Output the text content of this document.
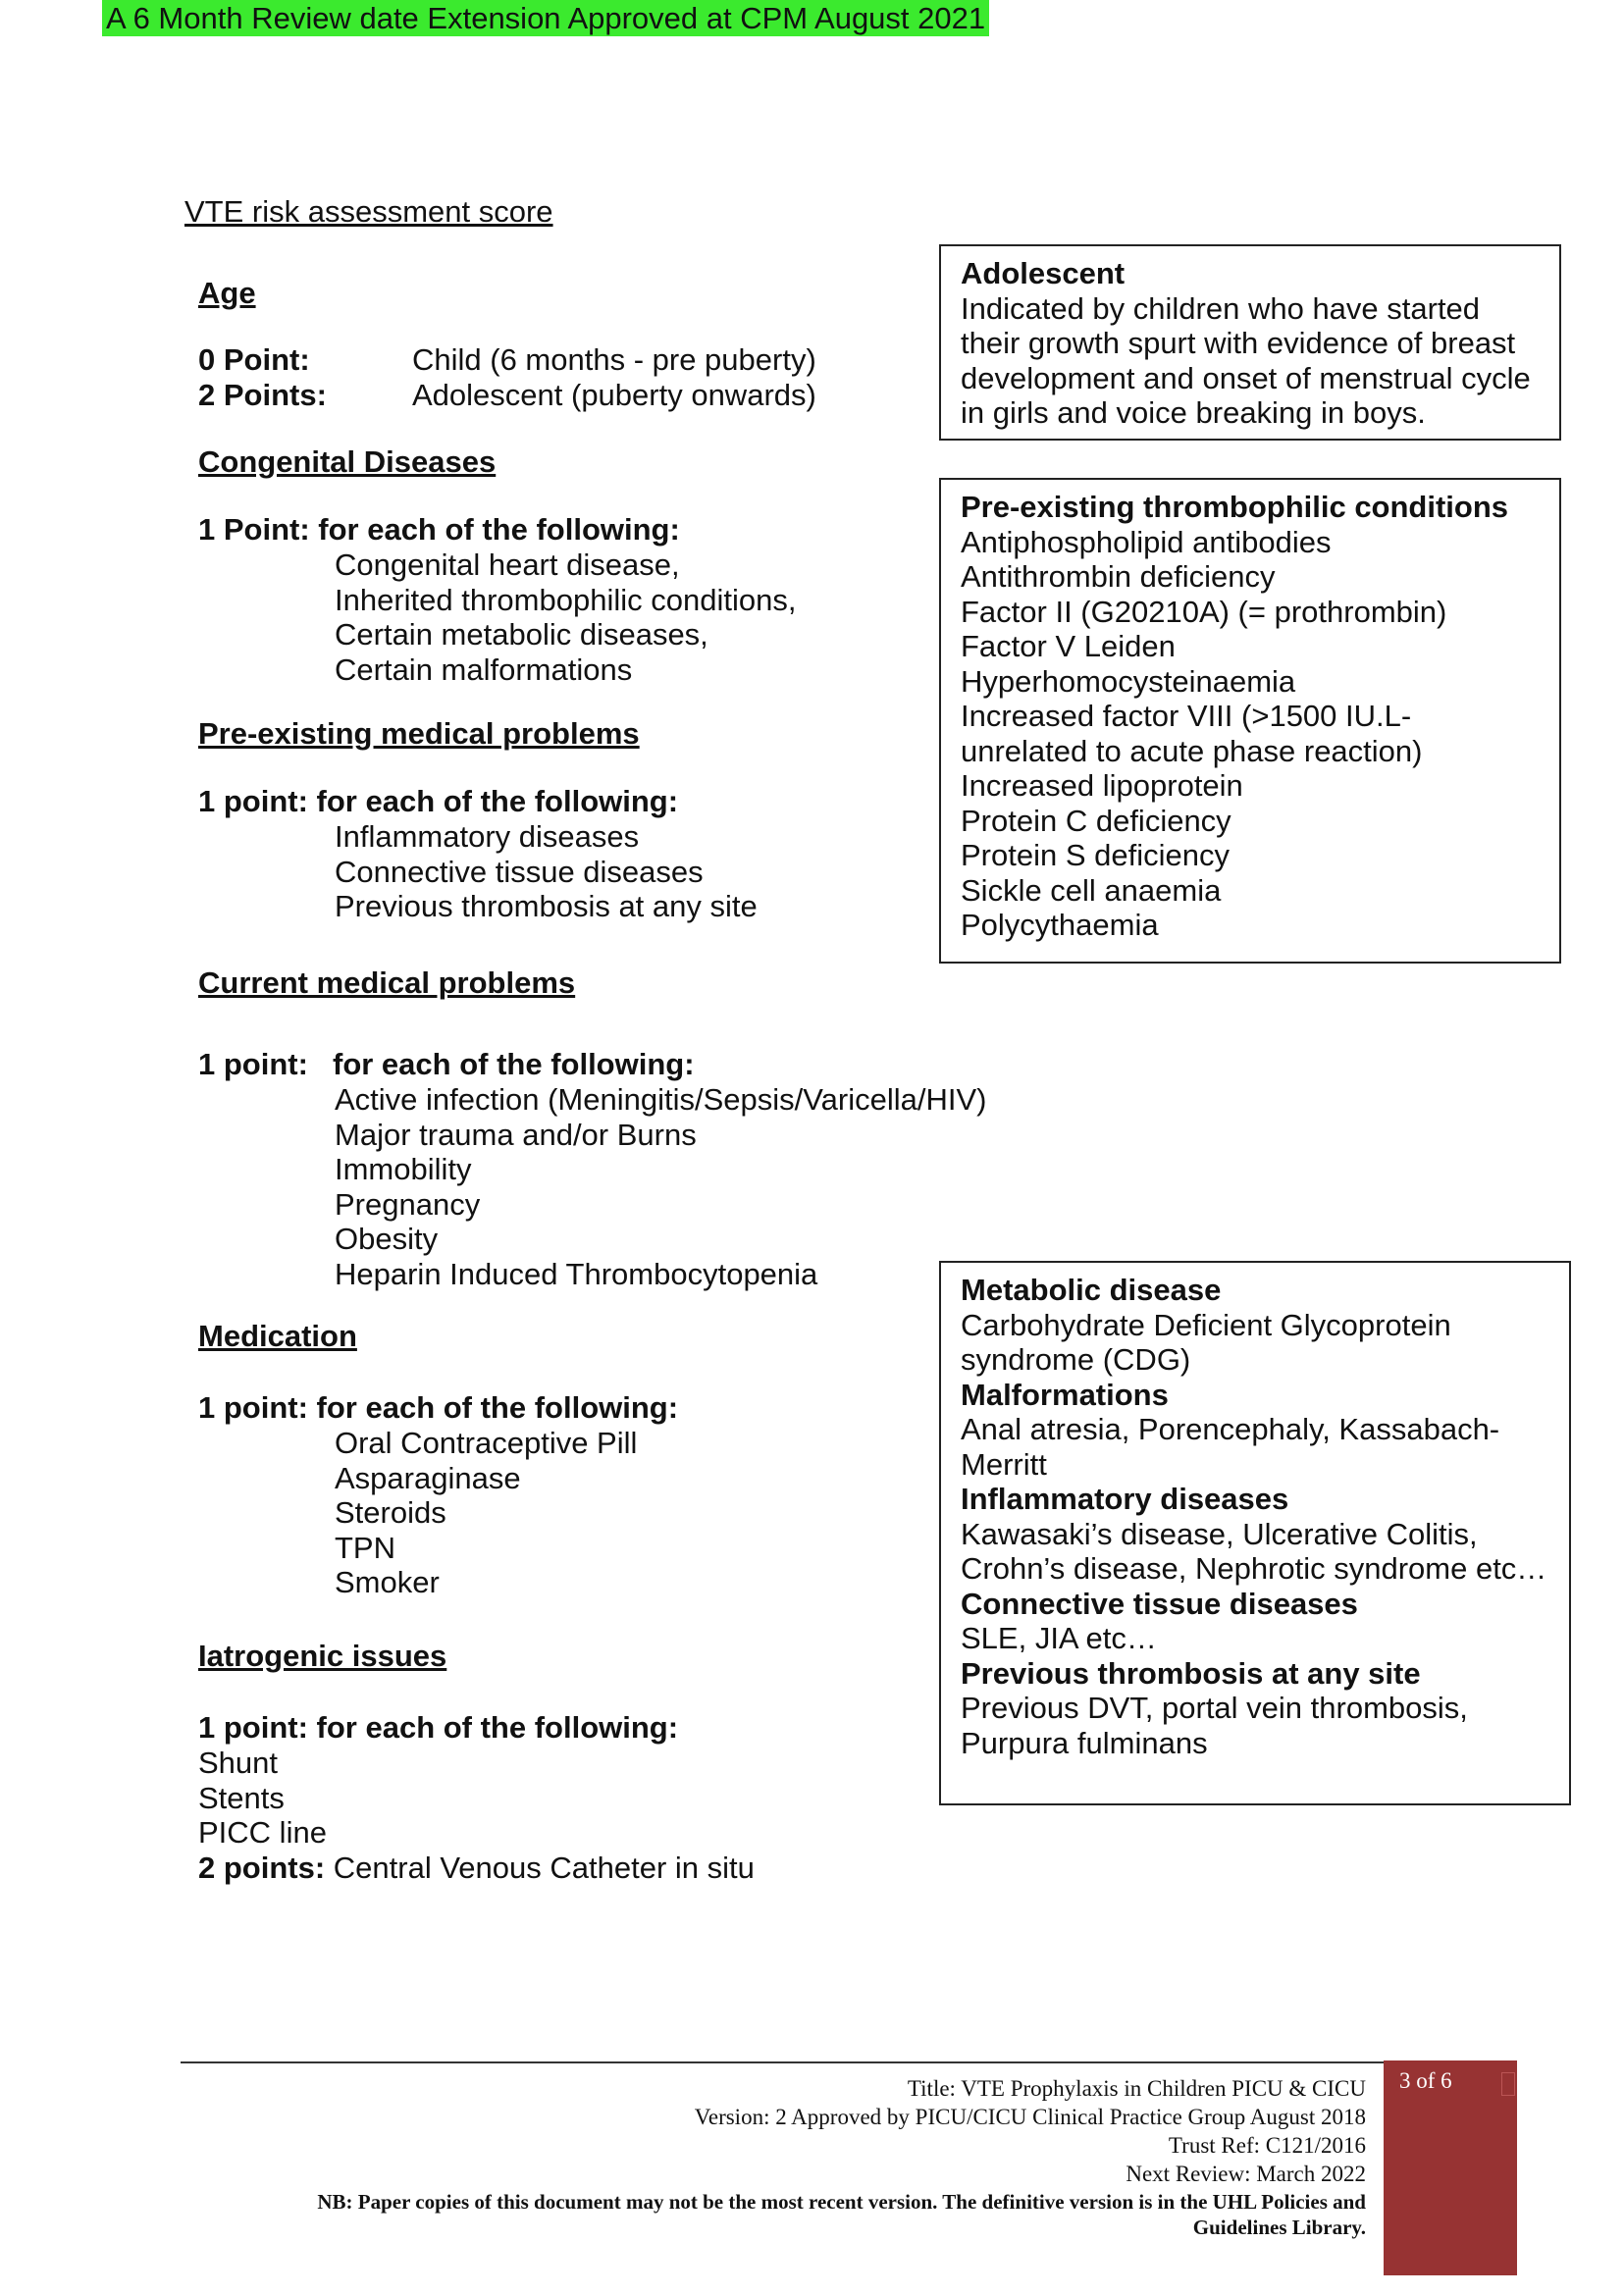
A 6 Month Review date Extension Approved at CPM August 2021
VTE risk assessment score
Age
0 Point:	Child (6 months - pre puberty)
2 Points:	Adolescent (puberty onwards)
Congenital Diseases
1 Point: for each of the following:
Congenital heart disease,
Inherited thrombophilic conditions,
Certain metabolic diseases,
Certain malformations
Pre-existing medical problems
1 point: for each of the following:
Inflammatory diseases
Connective tissue diseases
Previous thrombosis at any site
Current medical problems
1 point: for each of the following:
Active infection (Meningitis/Sepsis/Varicella/HIV)
Major trauma and/or Burns
Immobility
Pregnancy
Obesity
Heparin Induced Thrombocytopenia
Medication
1 point: for each of the following:
Oral Contraceptive Pill
Asparaginase
Steroids
TPN
Smoker
Iatrogenic issues
1 point: for each of the following:
Shunt
Stents
PICC line
2 points: Central Venous Catheter in situ
Adolescent
Indicated by children who have started
their growth spurt with evidence of breast
development and onset of menstrual cycle
in girls and voice breaking in boys.
Pre-existing thrombophilic conditions
Antiphospholipid antibodies
Antithrombin deficiency
Factor II (G20210A) (= prothrombin)
Factor V Leiden
Hyperhomocysteinaemia
Increased factor VIII (>1500 IU.L-
unrelated to acute phase reaction)
Increased lipoprotein
Protein C deficiency
Protein S deficiency
Sickle cell anaemia
Polycythaemia
Metabolic disease
Carbohydrate Deficient Glycoprotein
syndrome (CDG)
Malformations
Anal atresia, Porencephaly, Kassabach-
Merritt
Inflammatory diseases
Kawasaki’s disease, Ulcerative Colitis,
Crohn’s disease, Nephrotic syndrome etc…
Connective tissue diseases
SLE, JIA etc…
Previous thrombosis at any site
Previous DVT, portal vein thrombosis,
Purpura fulminans
Title: VTE Prophylaxis in Children PICU & CICU
Version: 2 Approved by PICU/CICU Clinical Practice Group August 2018
Trust Ref: C121/2016
Next Review: March 2022
NB: Paper copies of this document may not be the most recent version. The definitive version is in the UHL Policies and
Guidelines Library.
3 of 6
